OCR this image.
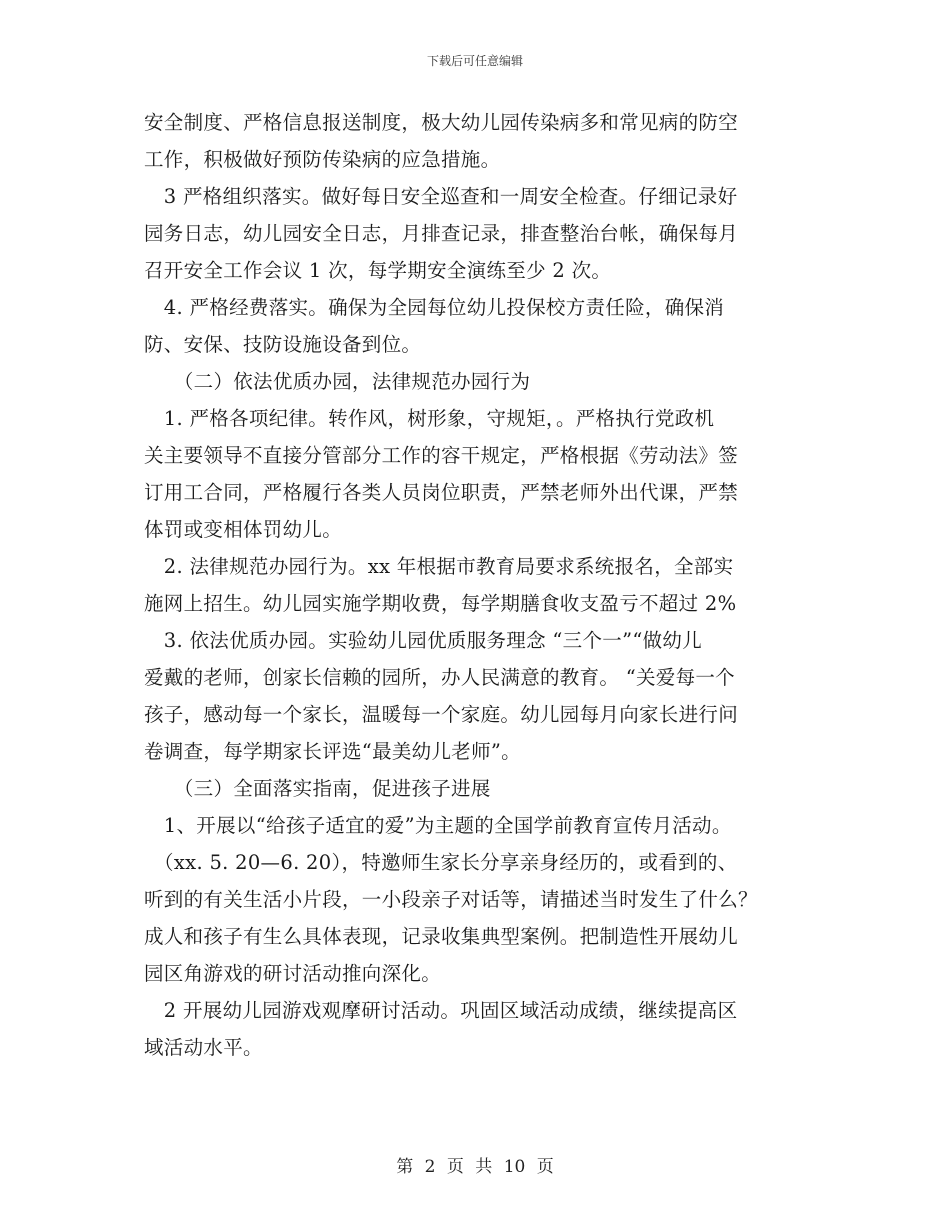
下载后可任意编辑
安全制度、严格信息报送制度，极大幼儿园传染病多和常见病的防空
工作，积极做好预防传染病的应急措施。
　3 严格组织落实。做好每日安全巡查和一周安全检查。仔细记录好
园务日志，幼儿园安全日志，月排查记录，排查整治台帐，确保每月
召开安全工作会议 1 次，每学期安全演练至少 2 次。
　4. 严格经费落实。确保为全园每位幼儿投保校方责任险，确保消
防、安保、技防设施设备到位。
　　（二）依法优质办园，法律规范办园行为
　1. 严格各项纪律。转作风，树形象，守规矩，。严格执行党政机
关主要领导不直接分管部分工作的容干规定，严格根据《劳动法》签
订用工合同，严格履行各类人员岗位职责，严禁老师外出代课，严禁
体罚或变相体罚幼儿。
　2. 法律规范办园行为。xx 年根据市教育局要求系统报名，全部实
施网上招生。幼儿园实施学期收费，每学期膳食收支盈亏不超过 2%
　3. 依法优质办园。实验幼儿园优质服务理念 “三个一”“做幼儿
爱戴的老师，创家长信赖的园所，办人民满意的教育。 “关爱每一个
孩子，感动每一个家长，温暖每一个家庭。幼儿园每月向家长进行问
卷调查，每学期家长评选“最美幼儿老师”。
　　（三）全面落实指南，促进孩子进展
　1、开展以“给孩子适宜的爱”为主题的全国学前教育宣传月活动。
　（xx. 5. 20—6. 20），特邀师生家长分享亲身经历的，或看到的、
听到的有关生活小片段，一小段亲子对话等，请描述当时发生了什么？
成人和孩子有生么具体表现，记录收集典型案例。把制造性开展幼儿
园区角游戏的研讨活动推向深化。
　2 开展幼儿园游戏观摩研讨活动。巩固区域活动成绩，继续提高区
域活动水平。
第 2 页 共 10 页
